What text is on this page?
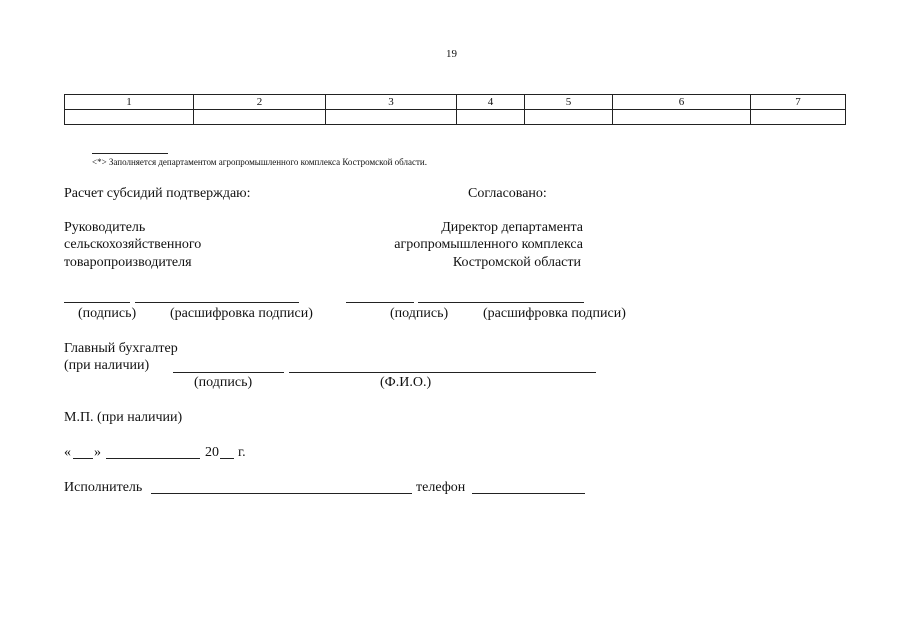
19
1	2	3	4	5	6	7

<*> Заполняется департаментом агропромышленного комплекса Костромской области.
Расчет субсидий подтверждаю:	Согласовано:
Руководитель
сельскохозяйственного
товаропроизводителя
Директор департамента
агропромышленного комплекса
Костромской области
(подпись) (расшифровка подписи)	(подпись) (расшифровка подписи)
Главный бухгалтер
(при наличии)
(подпись)	(Ф.И.О.)
М.П. (при наличии)
« »	20 г.
Исполнитель	телефон
